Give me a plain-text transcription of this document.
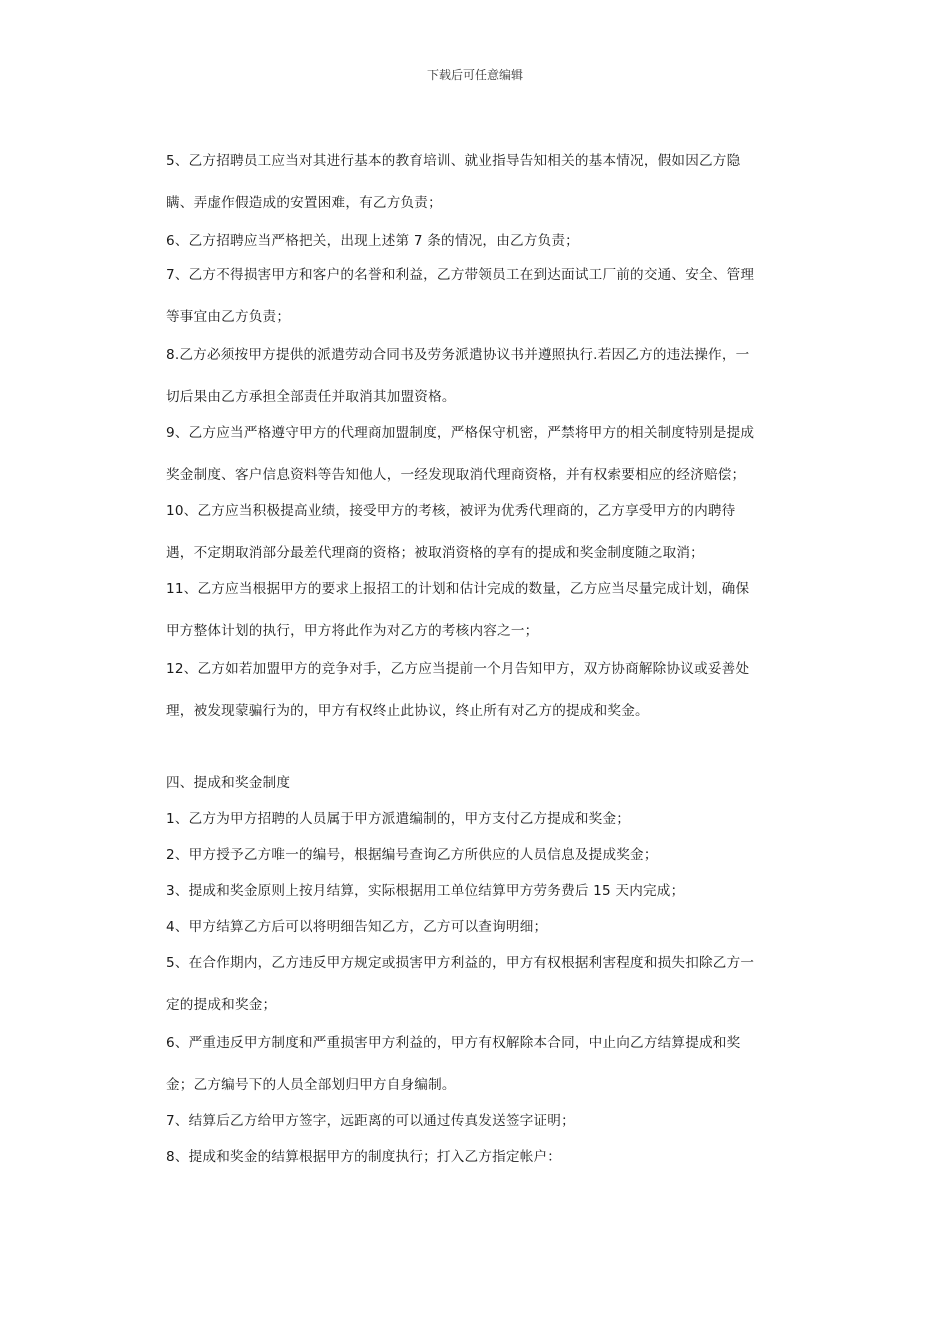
下载后可任意编辑
5、乙方招聘员工应当对其进行基本的教育培训、就业指导告知相关的基本情况，假如因乙方隐
瞒、弄虚作假造成的安置困难，有乙方负责；
6、乙方招聘应当严格把关，出现上述第 7 条的情况，由乙方负责；
7、乙方不得损害甲方和客户的名誉和利益，乙方带领员工在到达面试工厂前的交通、安全、管理
等事宜由乙方负责；
8.乙方必须按甲方提供的派遣劳动合同书及劳务派遣协议书并遵照执行.若因乙方的违法操作，一
切后果由乙方承担全部责任并取消其加盟资格。
9、乙方应当严格遵守甲方的代理商加盟制度，严格保守机密，严禁将甲方的相关制度特别是提成
奖金制度、客户信息资料等告知他人，一经发现取消代理商资格，并有权索要相应的经济赔偿；
10、乙方应当积极提高业绩，接受甲方的考核，被评为优秀代理商的，乙方享受甲方的内聘待
遇，不定期取消部分最差代理商的资格；被取消资格的享有的提成和奖金制度随之取消；
11、乙方应当根据甲方的要求上报招工的计划和估计完成的数量，乙方应当尽量完成计划，确保
甲方整体计划的执行，甲方将此作为对乙方的考核内容之一；
12、乙方如若加盟甲方的竞争对手，乙方应当提前一个月告知甲方，双方协商解除协议或妥善处
理，被发现蒙骗行为的，甲方有权终止此协议，终止所有对乙方的提成和奖金。
四、提成和奖金制度
1、乙方为甲方招聘的人员属于甲方派遣编制的，甲方支付乙方提成和奖金；
2、甲方授予乙方唯一的编号，根据编号查询乙方所供应的人员信息及提成奖金；
3、提成和奖金原则上按月结算，实际根据用工单位结算甲方劳务费后 15 天内完成；
4、甲方结算乙方后可以将明细告知乙方，乙方可以查询明细；
5、在合作期内，乙方违反甲方规定或损害甲方利益的，甲方有权根据利害程度和损失扣除乙方一
定的提成和奖金；
6、严重违反甲方制度和严重损害甲方利益的，甲方有权解除本合同，中止向乙方结算提成和奖
金；乙方编号下的人员全部划归甲方自身编制。
7、结算后乙方给甲方签字，远距离的可以通过传真发送签字证明；
8、提成和奖金的结算根据甲方的制度执行；打入乙方指定帐户：
